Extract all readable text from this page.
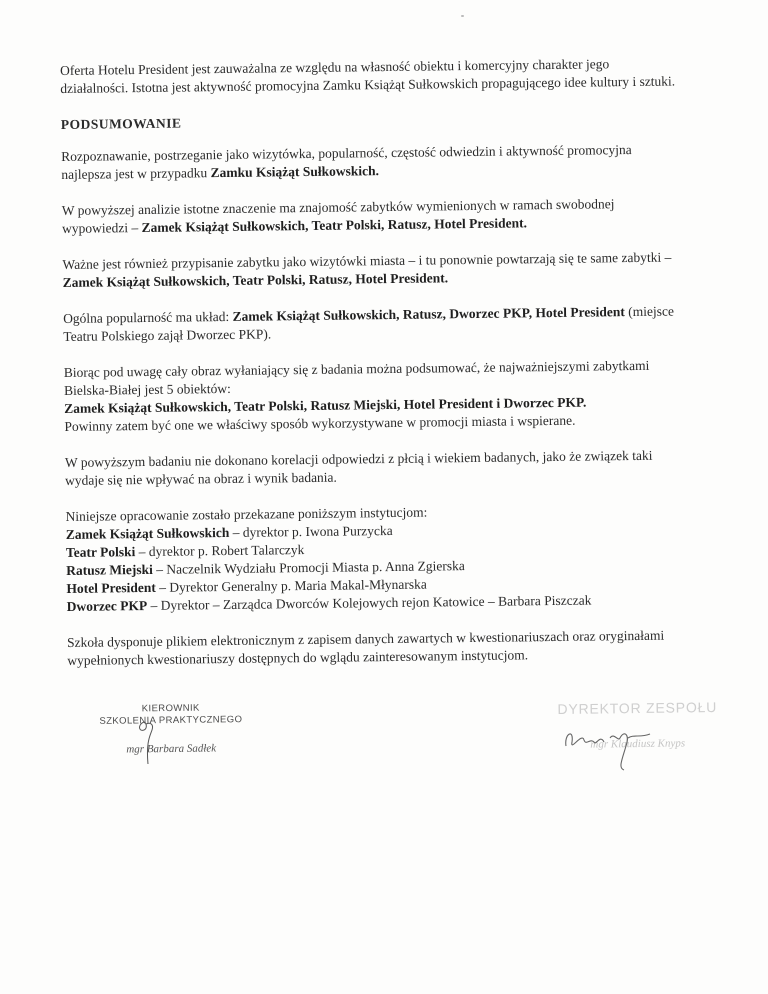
Oferta Hotelu President jest zauważalna ze względu na własność obiektu i komercyjny charakter jego działalności. Istotna jest aktywność promocyjna Zamku Książąt Sułkowskich propagującego idee kultury i sztuki.

PODSUMOWANIE

Rozpoznawanie, postrzeganie jako wizytówka, popularność, częstość odwiedzin i aktywność promocyjna najlepsza jest w przypadku Zamku Książąt Sułkowskich.

W powyższej analizie istotne znaczenie ma znajomość zabytków wymienionych w ramach swobodnej wypowiedzi – Zamek Książąt Sułkowskich, Teatr Polski, Ratusz, Hotel President.

Ważne jest również przypisanie zabytku jako wizytówki miasta – i tu ponownie powtarzają się te same zabytki – Zamek Książąt Sułkowskich, Teatr Polski, Ratusz, Hotel President.

Ogólna popularność ma układ: Zamek Książąt Sułkowskich, Ratusz, Dworzec PKP, Hotel President (miejsce Teatru Polskiego zajął Dworzec PKP).

Biorąc pod uwagę cały obraz wyłaniający się z badania można podsumować, że najważniejszymi zabytkami Bielska-Białej jest 5 obiektów:
Zamek Książąt Sułkowskich, Teatr Polski, Ratusz Miejski, Hotel President i Dworzec PKP.
Powinny zatem być one we właściwy sposób wykorzystywane w promocji miasta i wspierane.

W powyższym badaniu nie dokonano korelacji odpowiedzi z płcią i wiekiem badanych, jako że związek taki wydaje się nie wpływać na obraz i wynik badania.

Niniejsze opracowanie zostało przekazane poniższym instytucjom:
Zamek Książąt Sułkowskich – dyrektor p. Iwona Purzycka
Teatr Polski – dyrektor p. Robert Talarczyk
Ratusz Miejski – Naczelnik Wydziału Promocji Miasta p. Anna Zgierska
Hotel President – Dyrektor Generalny p. Maria Makal-Młynarska
Dworzec PKP – Dyrektor – Zarządca Dworców Kolejowych rejon Katowice – Barbara Piszczak

Szkoła dysponuje plikiem elektronicznym z zapisem danych zawartych w kwestionariuszach oraz oryginałami wypełnionych kwestionariuszy dostępnych do wglądu zainteresowanym instytucjom.

KIEROWNIK
SZKOLENIA PRAKTYCZNEGO
mgr Barbara Sadłek
DYREKTOR ZESPOŁU
mgr Klaudiusz Knyps
